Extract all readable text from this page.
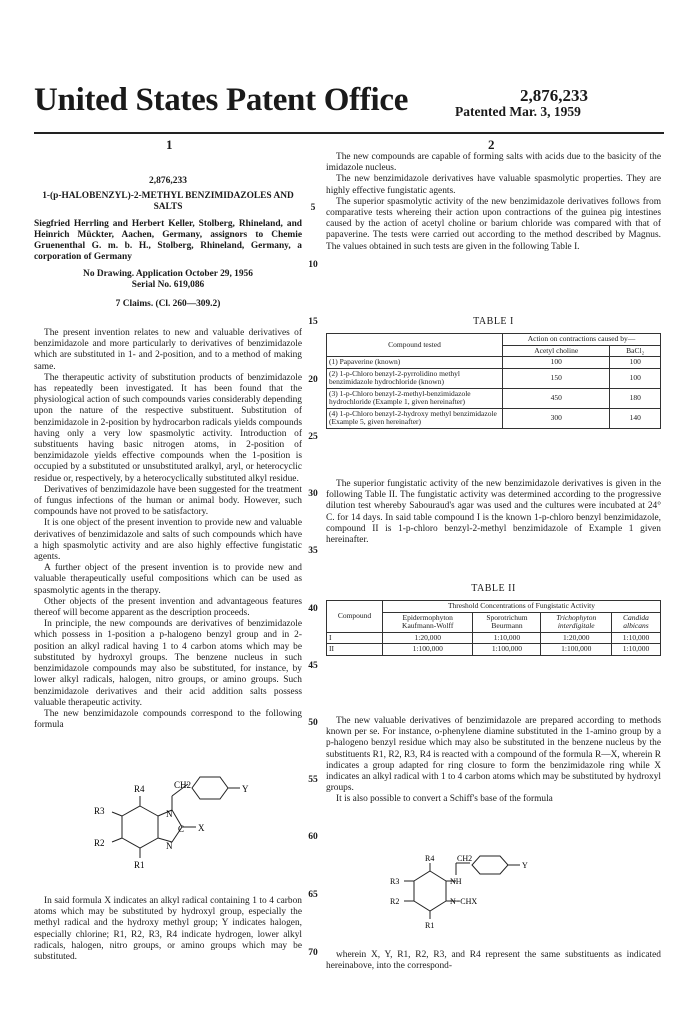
United States Patent Office	2,876,233
Patented Mar. 3, 1959
1	2
2,876,233
1-(p-HALOBENZYL)-2-METHYL BENZIMIDAZOLES AND SALTS
Siegfried Herrling and Herbert Keller, Stolberg, Rhineland, and Heinrich Mückter, Aachen, Germany, assignors to Chemie Gruenenthal G. m. b. H., Stolberg, Rhineland, Germany, a corporation of Germany
No Drawing. Application October 29, 1956
Serial No. 619,086
7 Claims. (Cl. 260—309.2)

The present invention relates to new and valuable derivatives of benzimidazole and more particularly to derivatives of benzimidazole which are substituted in 1- and 2-position, and to a method of making same.

The therapeutic activity of substitution products of benzimidazole has repeatedly been investigated. It has been found that the physiological action of such compounds varies considerably depending upon the nature of the respective substituent. Substitution of benzimidazole in 2-position by hydrocarbon radicals yields compounds having only a very low spasmolytic activity. Introduction of substituents having basic nitrogen atoms, in 2-position of benzimidazole yields effective compounds when the 1-position is occupied by a substituted or unsubstituted aralkyl, aryl, or heterocyclic residue or, respectively, by a heterocyclically substituted alkyl residue.

Derivatives of benzimidazole have been suggested for the treatment of fungus infections of the human or animal body. However, such compounds have not proved to be satisfactory.

It is one object of the present invention to provide new and valuable derivatives of benzimidazole and salts of such compounds which have a high spasmolytic activity and are also highly effective fungistatic agents.

A further object of the present invention is to provide new and valuable therapeutically useful compositions which can be used as spasmolytic agents in the therapy.

Other objects of the present invention and advantageous features thereof will become apparent as the description proceeds.

In principle, the new compounds are derivatives of benzimidazole which possess in 1-position a p-halogeno benzyl group and in 2-position an alkyl radical having 1 to 4 carbon atoms which may be substituted by hydroxyl groups. The benzene nucleus in such benzimidazole compounds may also be substituted, for instance, by lower alkyl radicals, halogen, nitro groups, or amino groups. Such benzimidazole derivatives and their acid addition salts possess valuable therapeutic activity.

The new benzimidazole compounds correspond to the following formula

R4	CH2	Y
N
C X
N
R3
R2
R1

In said formula X indicates an alkyl radical containing 1 to 4 carbon atoms which may be substituted by hydroxyl group, especially the methyl radical and the hydroxy methyl group; Y indicates halogen, especially chlorine; R1, R2, R3, R4 indicate hydrogen, lower alkyl radicals, halogen, nitro groups, or amino groups which may be substituted.

5
10
15
20
25
30
35
40
45
50
55
60
65
70

The new compounds are capable of forming salts with acids due to the basicity of the imidazole nucleus.

The new benzimidazole derivatives have valuable spasmolytic properties. They are highly effective fungistatic agents.

The superior spasmolytic activity of the new benzimidazole derivatives follows from comparative tests whereing their action upon contractions of the guinea pig intestines caused by the action of acetyl choline or barium chloride was compared with that of papaverine. The tests were carried out according to the method described by Magnus. The values obtained in such tests are given in the following Table I.

TABLE I
Compound tested	Action on contractions caused by—	
	Acetyl choline	BaCl₂
(1) Papaverine (known)	100	100
(2) 1-p-Chloro benzyl-2-pyrrolidino methyl benzimidazole hydrochloride (known)	150	100
(3) 1-p-Chloro benzyl-2-methyl-benzimidazole hydrochloride (Example 1, given hereinafter)	450	180
(4) 1-p-Chloro benzyl-2-hydroxy methyl benzimidazole (Example 5, given hereinafter)	300	140

The superior fungistatic activity of the new benzimidazole derivatives is given in the following Table II. The fungistatic activity was determined according to the progressive dilution test whereby Sabouraud's agar was used and the cultures were incubated at 24° C. for 14 days. In said table compound I is the known 1-p-chloro benzyl benzimidazole, compound II is 1-p-chloro benzyl-2-methyl benzimidazole of Example 1 given hereinafter.

TABLE II
Compound	Threshold Concentrations of Fungistatic Activity			
	Epidermophyton Kaufmann-Wolff	Sporotrichum Beurmann	Trichophyton interdigitale	Candida albicans
I	1:20,000	1:10,000	1:20,000	1:10,000
II	1:100,000	1:100,000	1:100,000	1:10,000

The new valuable derivatives of benzimidazole are prepared according to methods known per se. For instance, o-phenylene diamine substituted in the 1-amino group by a p-halogeno benzyl residue which may also be substituted in the benzene nucleus by the substituents R1, R2, R3, R4 is reacted with a compound of the formula R—X, wherein R indicates a group adapted for ring closure to form the benzimidazole ring while X indicates an alkyl radical with 1 to 4 carbon atoms which may be substituted by hydroxyl groups.

It is also possible to convert a Schiff's base of the formula

R4	CH2
Y
NH
N=CHX
R3
R2
R1

wherein X, Y, R1, R2, R3, and R4 represent the same substituents as indicated hereinabove, into the correspond-
